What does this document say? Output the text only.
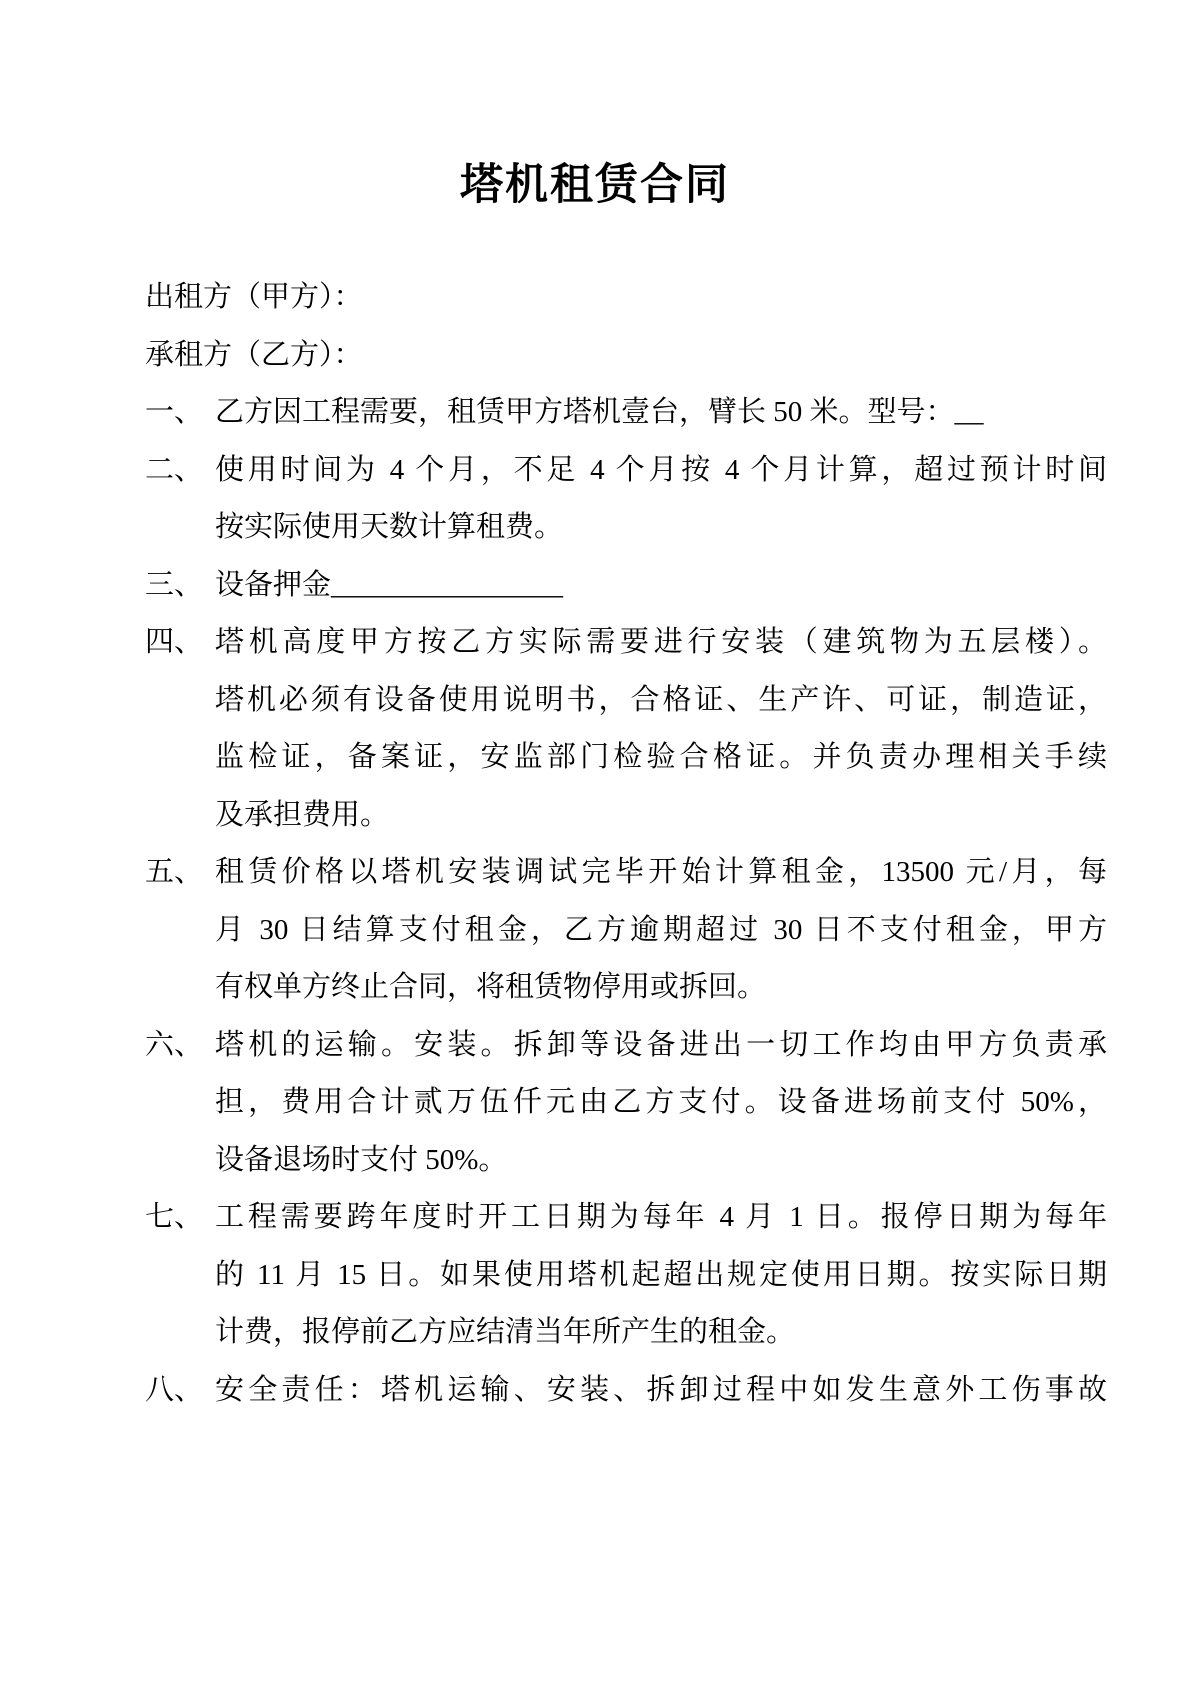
塔机租赁合同
出租方（甲方）：
承租方（乙方）：
一、 乙方因工程需要，租赁甲方塔机壹台，臂长 50 米。型号：__
二、 使用时间为 4 个月，不足 4 个月按 4 个月计算，超过预计时间
按实际使用天数计算租费。
三、 设备押金________________
四、 塔机高度甲方按乙方实际需要进行安装（建筑物为五层楼）。
塔机必须有设备使用说明书，合格证、生产许、可证，制造证，
监检证，备案证，安监部门检验合格证。并负责办理相关手续
及承担费用。
五、 租赁价格以塔机安装调试完毕开始计算租金，13500 元/月，每
月 30 日结算支付租金，乙方逾期超过 30 日不支付租金，甲方
有权单方终止合同，将租赁物停用或拆回。
六、 塔机的运输。安装。拆卸等设备进出一切工作均由甲方负责承
担，费用合计贰万伍仟元由乙方支付。设备进场前支付 50%，
设备退场时支付 50%。
七、 工程需要跨年度时开工日期为每年 4 月 1 日。报停日期为每年
的 11 月 15 日。如果使用塔机起超出规定使用日期。按实际日期
计费，报停前乙方应结清当年所产生的租金。
八、 安全责任：塔机运输、安装、拆卸过程中如发生意外工伤事故
